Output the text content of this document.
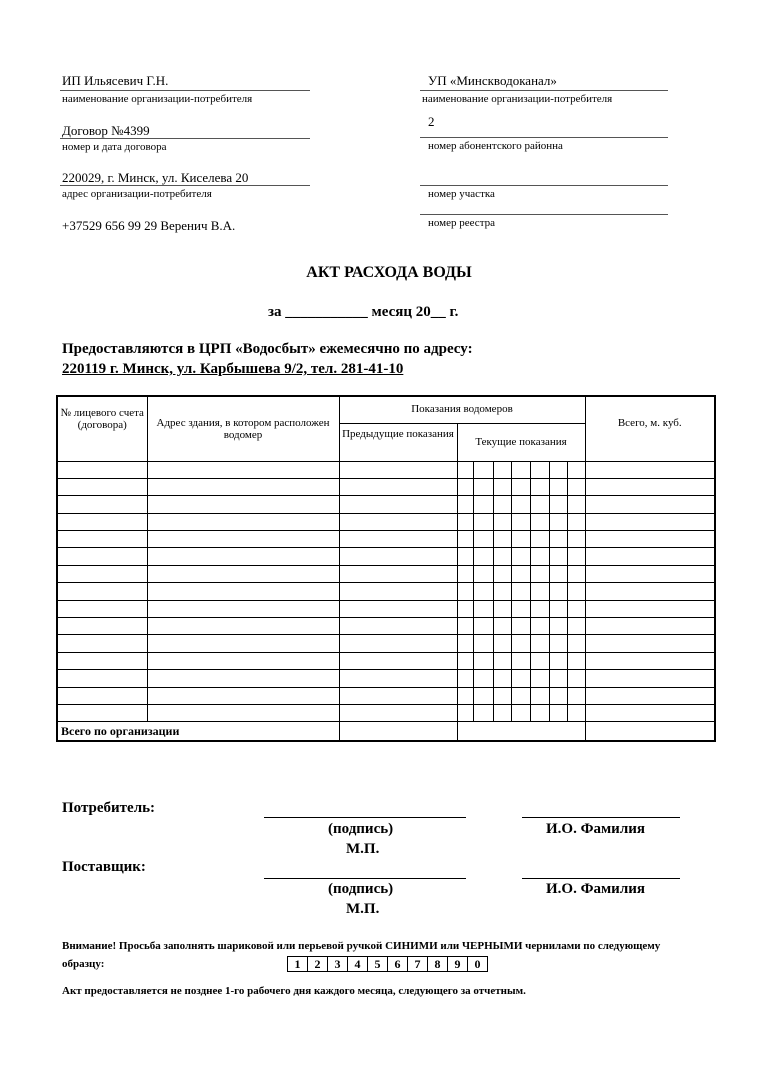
ИП Ильясевич Г.Н.
наименование организации-потребителя
Договор №4399
номер и дата договора
220029, г. Минск, ул. Киселева 20
адрес организации-потребителя
+37529 656 99 29 Веренич В.А.
УП «Минскводоканал»
наименование организации-потребителя
2
номер абонентского районна
номер участка
номер реестра
АКТ РАСХОДА ВОДЫ
за ___________ месяц 20__ г.
Предоставляются в ЦРП «Водосбыт» ежемесячно по адресу:
220119 г. Минск, ул. Карбышева 9/2, тел. 281-41-10
№ лицевого счета (договора)	Адрес здания, в котором расположен водомер	Показания водомеров								Всего, м. куб.
		Предыдущие показания	Текущие показания							

Всего по организации										
Потребитель:
(подпись)	И.О. Фамилия
М.П.
Поставщик:
(подпись)	И.О. Фамилия
М.П.
Внимание! Просьба заполнять шариковой или перьевой ручкой СИНИМИ или ЧЕРНЫМИ чернилами по следующему образцу:	1	2	3	4	5	6	7	8	9	0
Акт предоставляется не позднее 1-го рабочего дня каждого месяца, следующего за отчетным.
